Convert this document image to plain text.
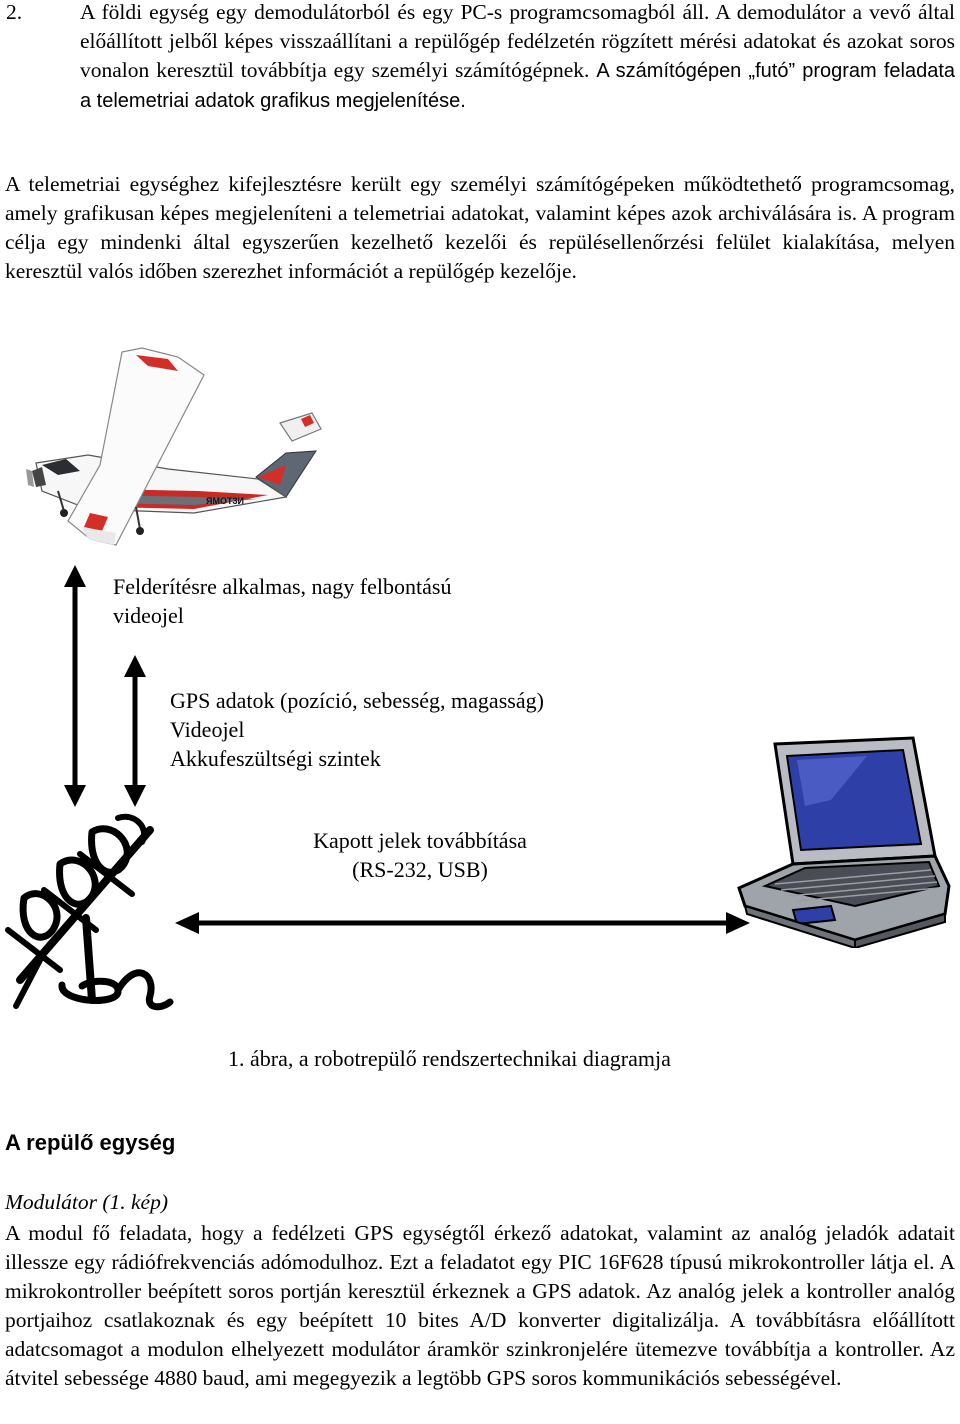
2.	A földi egység egy demodulátorból és egy PC-s programcsomagból áll. A demodulátor a vevő által előállított jelből képes visszaállítani a repülőgép fedélzetén rögzített mérési adatokat és azokat soros vonalon keresztül továbbítja egy személyi számítógépnek. A számítógépen „futó” program feladata a telemetriai adatok grafikus megjelenítése.

A telemetriai egységhez kifejlesztésre került egy személyi számítógépeken működtethető programcsomag, amely grafikusan képes megjeleníteni a telemetriai adatokat, valamint képes azok archiválására is. A program célja egy mindenki által egyszerűen kezelhető kezelői és repülésellenőrzési felület kialakítása, melyen keresztül valós időben szerezhet információt a repülőgép kezelője.

ЯMOT3И

Felderítésre alkalmas, nagy felbontású
videojel

GPS adatok (pozíció, sebesség, magasság)
Videojel
Akkufeszültségi szintek

Kapott jelek továbbítása
(RS-232, USB)

1. ábra, a robotrepülő rendszertechnikai diagramja

A repülő egység

Modulátor (1. kép)

A modul fő feladata, hogy a fedélzeti GPS egységtől érkező adatokat, valamint az analóg jeladók adatait illessze egy rádiófrekvenciás adómodulhoz. Ezt a feladatot egy PIC 16F628 típusú mikrokontroller látja el. A mikrokontroller beépített soros portján keresztül érkeznek a GPS adatok. Az analóg jelek a kontroller analóg portjaihoz csatlakoznak és egy beépített 10 bites A/D konverter digitalizálja. A továbbításra előállított adatcsomagot a modulon elhelyezett modulátor áramkör szinkronjelére ütemezve továbbítja a kontroller. Az átvitel sebessége 4880 baud, ami megegyezik a legtöbb GPS soros kommunikációs sebességével.
